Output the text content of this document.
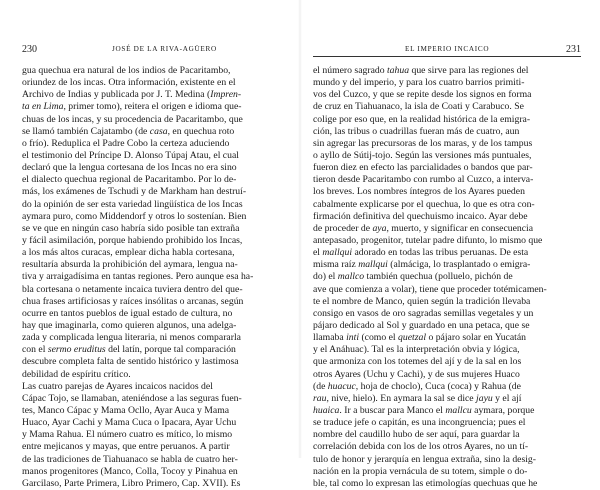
230	JOSÉ DE LA RIVA-AGÜERO
gua quechua era natural de los indios de Pacaritambo,
oriundez de los incas. Otra información, existente en el
Archivo de Indias y publicada por J. T. Medina (Impren-
ta en Lima, primer tomo), reitera el origen e idioma que-
chuas de los incas, y su procedencia de Pacaritambo, que
se llamó también Cajatambo (de casa, en quechua roto
o frío). Reduplica el Padre Cobo la certeza aduciendo
el testimonio del Príncipe D. Alonso Túpaj Atau, el cual
declaró que la lengua cortesana de los Incas no era sino
el dialecto quechua regional de Pacaritambo. Por lo de-
más, los exámenes de Tschudi y de Markham han destruí-
do la opinión de ser esta variedad lingüística de los Incas
aymara puro, como Middendorf y otros lo sostenían. Bien
se ve que en ningún caso habría sido posible tan extraña
y fácil asimilación, porque habiendo prohibido los Incas,
a los más altos curacas, emplear dicha habla cortesana,
resultaría absurda la prohibición del aymara, lengua na-
tiva y arraigadísima en tantas regiones. Pero aunque esa ha-
bla cortesana o netamente incaica tuviera dentro del que-
chua frases artificiosas y raíces insólitas o arcanas, según
ocurre en tantos pueblos de igual estado de cultura, no
hay que imaginarla, como quieren algunos, una adelga-
zada y complicada lengua literaria, ni menos compararla
con el sermo eruditus del latín, porque tal comparación
descubre completa falta de sentido histórico y lastimosa
debilidad de espíritu crítico.
Las cuatro parejas de Ayares incaicos nacidos del
Cápac Tojo, se llamaban, ateniéndose a las seguras fuen-
tes, Manco Cápac y Mama Ocllo, Ayar Auca y Mama
Huaco, Ayar Cachi y Mama Cuca o Ipacara, Ayar Uchu
y Mama Rahua. El número cuatro es mítico, lo mismo
entre mejicanos y mayas, que entre peruanos. A partir
de las tradiciones de Tiahuanaco se habla de cuatro her-
manos progenitores (Manco, Colla, Tocoy y Pinahua en
Garcilaso, Parte Primera, Libro Primero, Cap. XVII). Es
EL IMPERIO INCAICO	231
el número sagrado tahua que sirve para las regiones del
mundo y del imperio, y para los cuatro barrios primiti-
vos del Cuzco, y que se repite desde los signos en forma
de cruz en Tiahuanaco, la isla de Coati y Carabuco. Se
colige por eso que, en la realidad histórica de la emigra-
ción, las tribus o cuadrillas fueran más de cuatro, aun
sin agregar las precursoras de los maras, y de los tampus
o ayllo de Sútij-tojo. Según las versiones más puntuales,
fueron diez en efecto las parcialidades o bandos que par-
tieron desde Pacaritambo con rumbo al Cuzco, a interva-
los breves. Los nombres íntegros de los Ayares pueden
cabalmente explicarse por el quechua, lo que es otra con-
firmación definitiva del quechuismo incaico. Ayar debe
de proceder de aya, muerto, y significar en consecuencia
antepasado, progenitor, tutelar padre difunto, lo mismo que
el mallqui adorado en todas las tribus peruanas. De esta
misma raíz mallqui (almáciga, lo trasplantado o emigra-
do) el mallco también quechua (polluelo, pichón de
ave que comienza a volar), tiene que proceder totémicamen-
te el nombre de Manco, quien según la tradición llevaba
consigo en vasos de oro sagradas semillas vegetales y un
pájaro dedicado al Sol y guardado en una petaca, que se
llamaba inti (como el quetzal o pájaro solar en Yucatán
y el Anáhuac). Tal es la interpretación obvia y lógica,
que armoniza con los totemes del ají y de la sal en los
otros Ayares (Uchu y Cachi), y de sus mujeres Huaco
(de huacuc, hoja de choclo), Cuca (coca) y Rahua (de
rau, nive, hielo). En aymara la sal se dice jayu y el ají
huaica. Ir a buscar para Manco el mallcu aymara, porque
se traduce jefe o capitán, es una incongruencia; pues el
nombre del caudillo hubo de ser aquí, para guardar la
correlación debida con los de los otros Ayares, no un tí-
tulo de honor y jerarquía en lengua extraña, sino la desig-
nación en la propia vernácula de su totem, simple o do-
ble, tal como lo expresan las etimologías quechuas que he
